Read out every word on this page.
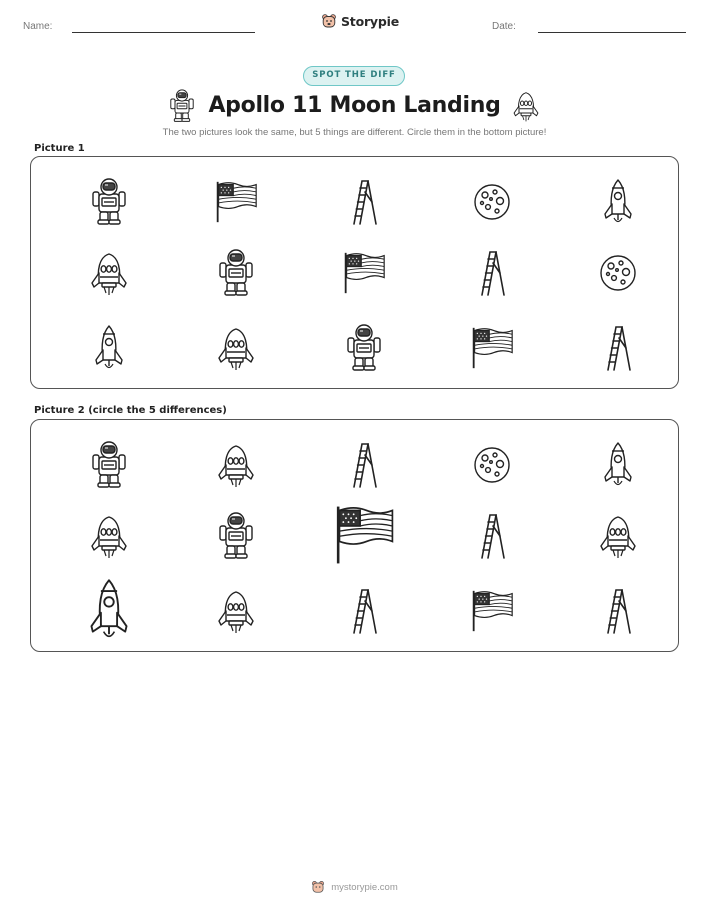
Name:	Storypie	Date:
SPOT THE DIFF
Apollo 11 Moon Landing
The two pictures look the same, but 5 things are different. Circle them in the bottom picture!
Picture 1
Picture 2 (circle the 5 differences)
mystorypie.com
